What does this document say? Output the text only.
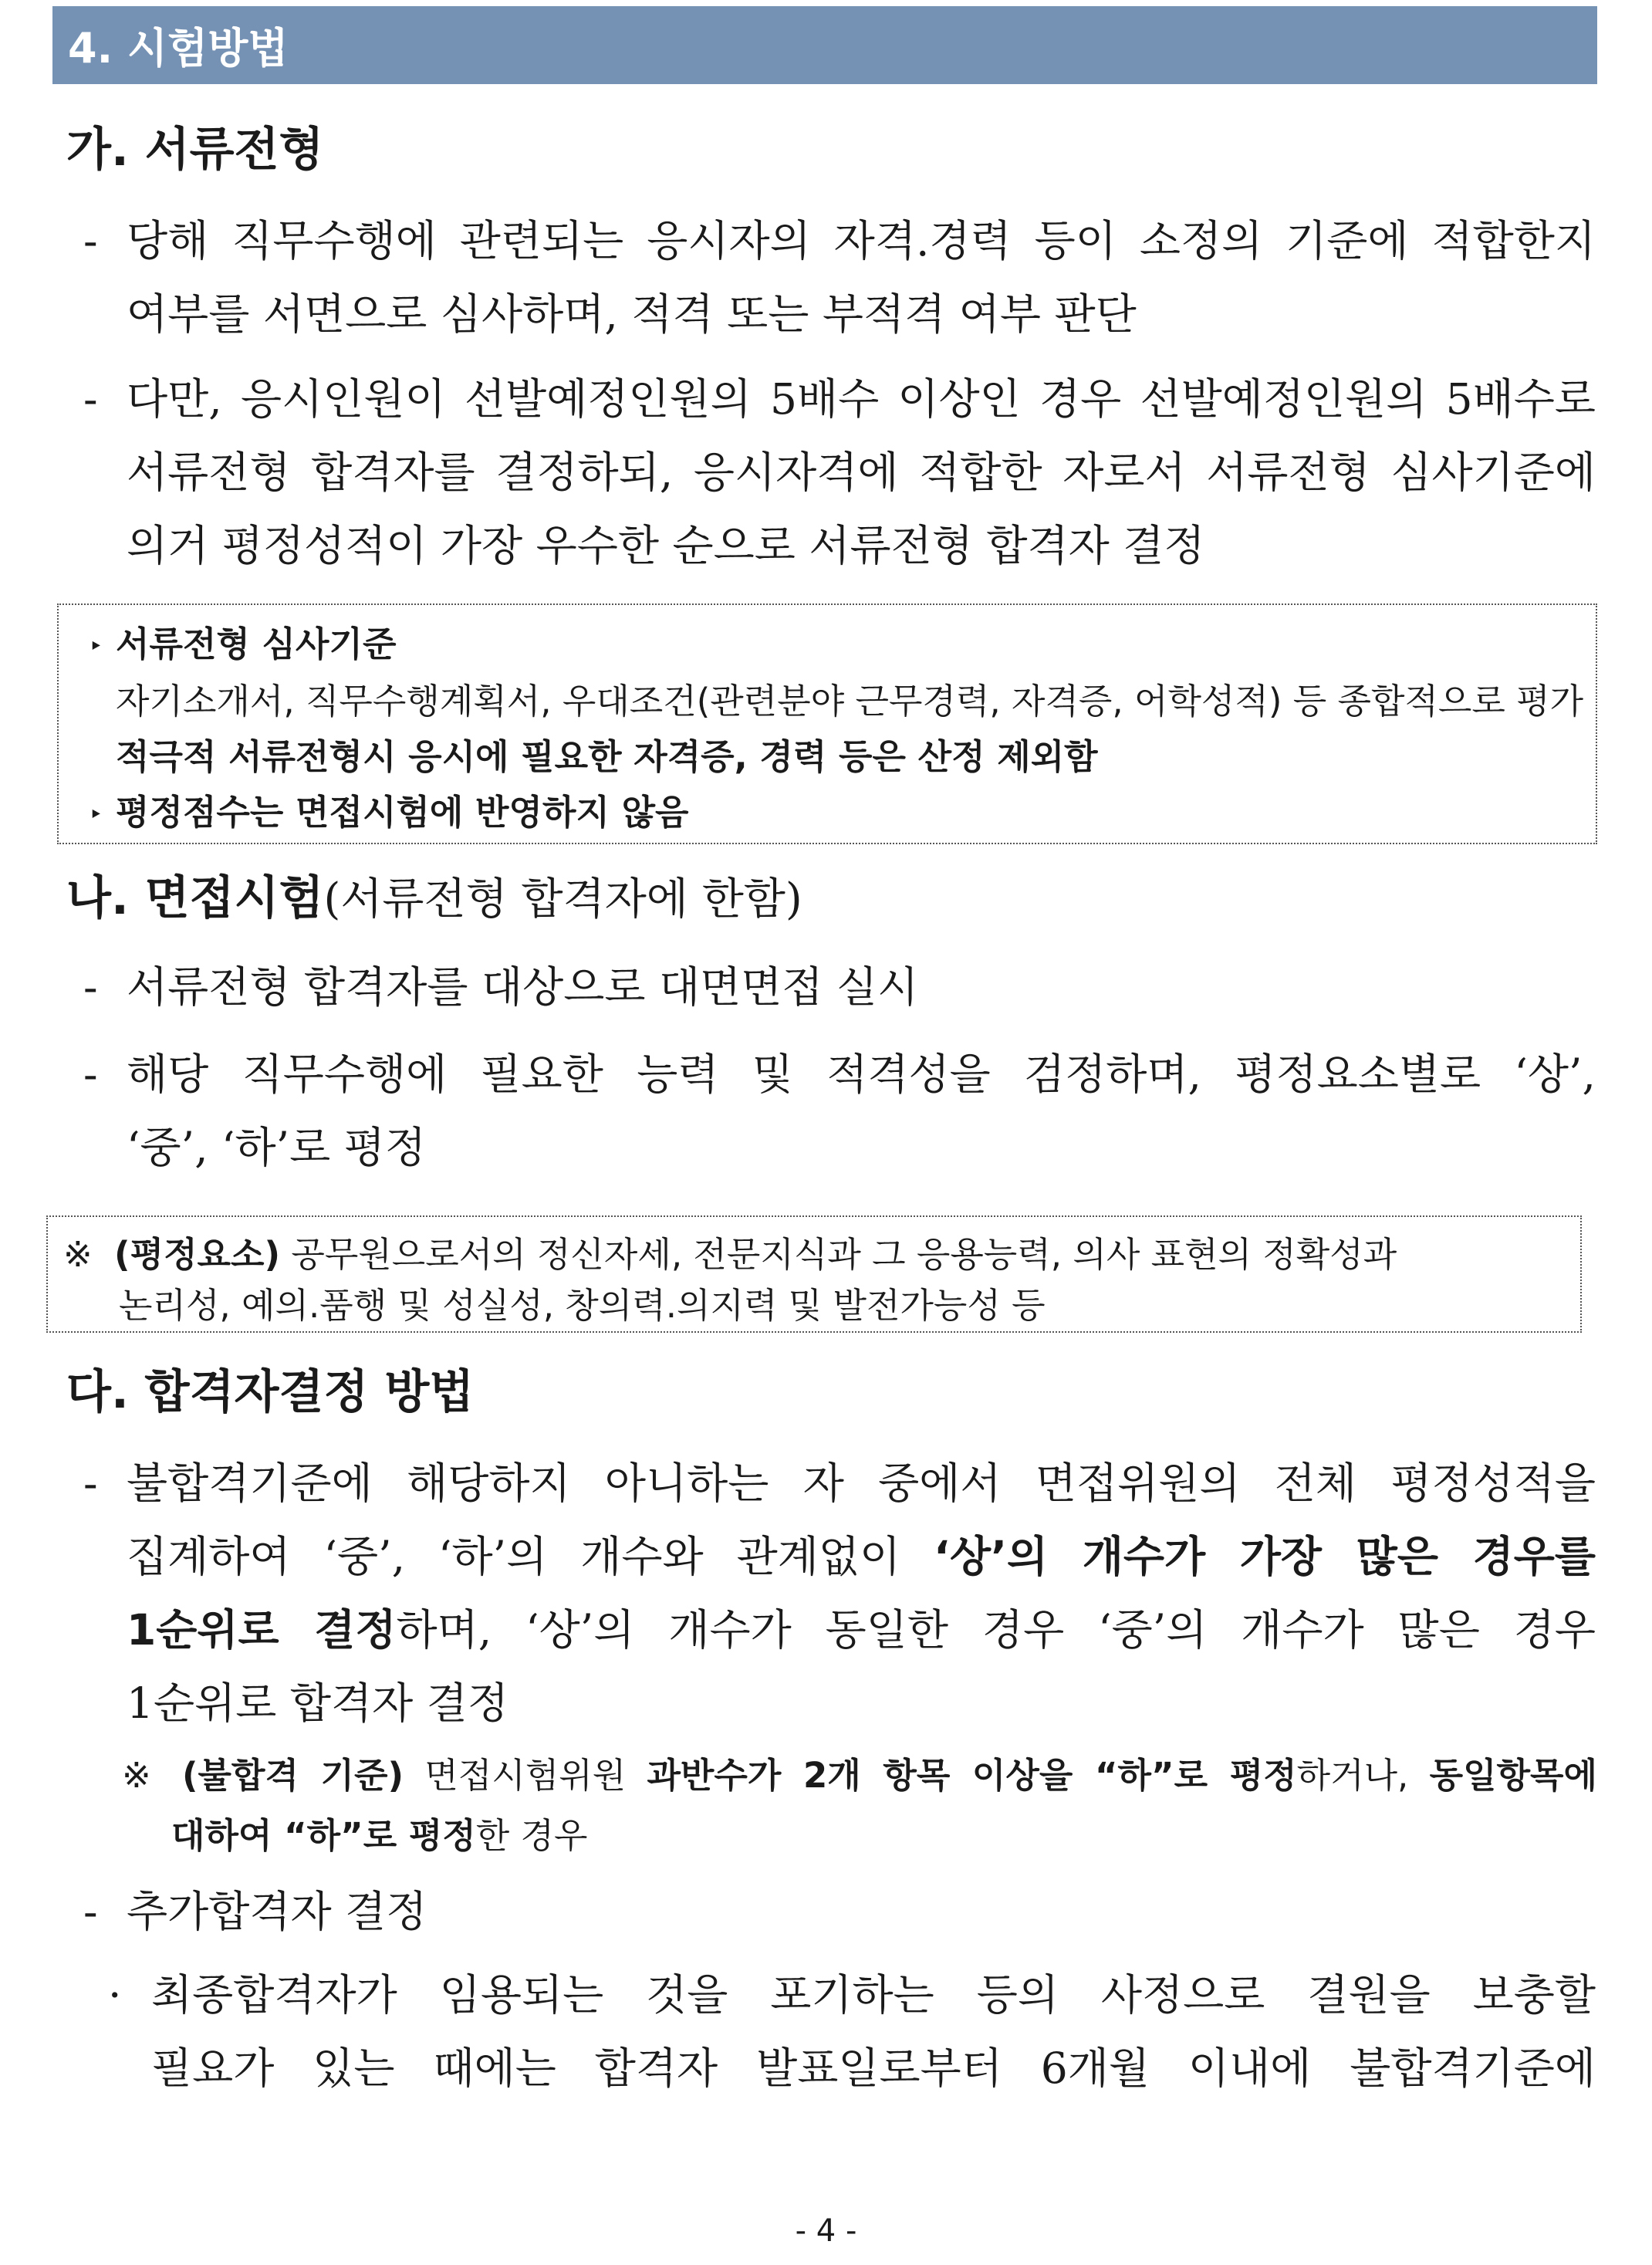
4. 시험방법
가. 서류전형
- 당해 직무수행에 관련되는 응시자의 자격.경력 등이 소정의 기준에 적합한지
여부를 서면으로 심사하며, 적격 또는 부적격 여부 판단
- 다만, 응시인원이 선발예정인원의 5배수 이상인 경우 선발예정인원의 5배수로
서류전형 합격자를 결정하되, 응시자격에 적합한 자로서 서류전형 심사기준에
의거 평정성적이 가장 우수한 순으로 서류전형 합격자 결정
‣ 서류전형 심사기준
자기소개서, 직무수행계획서, 우대조건(관련분야 근무경력, 자격증, 어학성적) 등 종합적으로 평가
적극적 서류전형시 응시에 필요한 자격증, 경력 등은 산정 제외함
‣ 평정점수는 면접시험에 반영하지 않음
나. 면접시험(서류전형 합격자에 한함)
- 서류전형 합격자를 대상으로 대면면접 실시
- 해당 직무수행에 필요한 능력 및 적격성을 검정하며, 평정요소별로 ‘상’,
‘중’, ‘하’로 평정
※ (평정요소) 공무원으로서의 정신자세, 전문지식과 그 응용능력, 의사 표현의 정확성과
논리성, 예의.품행 및 성실성, 창의력.의지력 및 발전가능성 등
다. 합격자결정 방법
- 불합격기준에 해당하지 아니하는 자 중에서 면접위원의 전체 평정성적을
집계하여 ‘중’, ‘하’의 개수와 관계없이 ‘상’의 개수가 가장 많은 경우를
1순위로 결정하며, ‘상’의 개수가 동일한 경우 ‘중’의 개수가 많은 경우
1순위로 합격자 결정
※ (불합격 기준) 면접시험위원 과반수가 2개 항목 이상을 “하”로 평정하거나, 동일항목에
대하여 “하”로 평정한 경우
- 추가합격자 결정
· 최종합격자가 임용되는 것을 포기하는 등의 사정으로 결원을 보충할
필요가 있는 때에는 합격자 발표일로부터 6개월 이내에 불합격기준에
- 4 -
